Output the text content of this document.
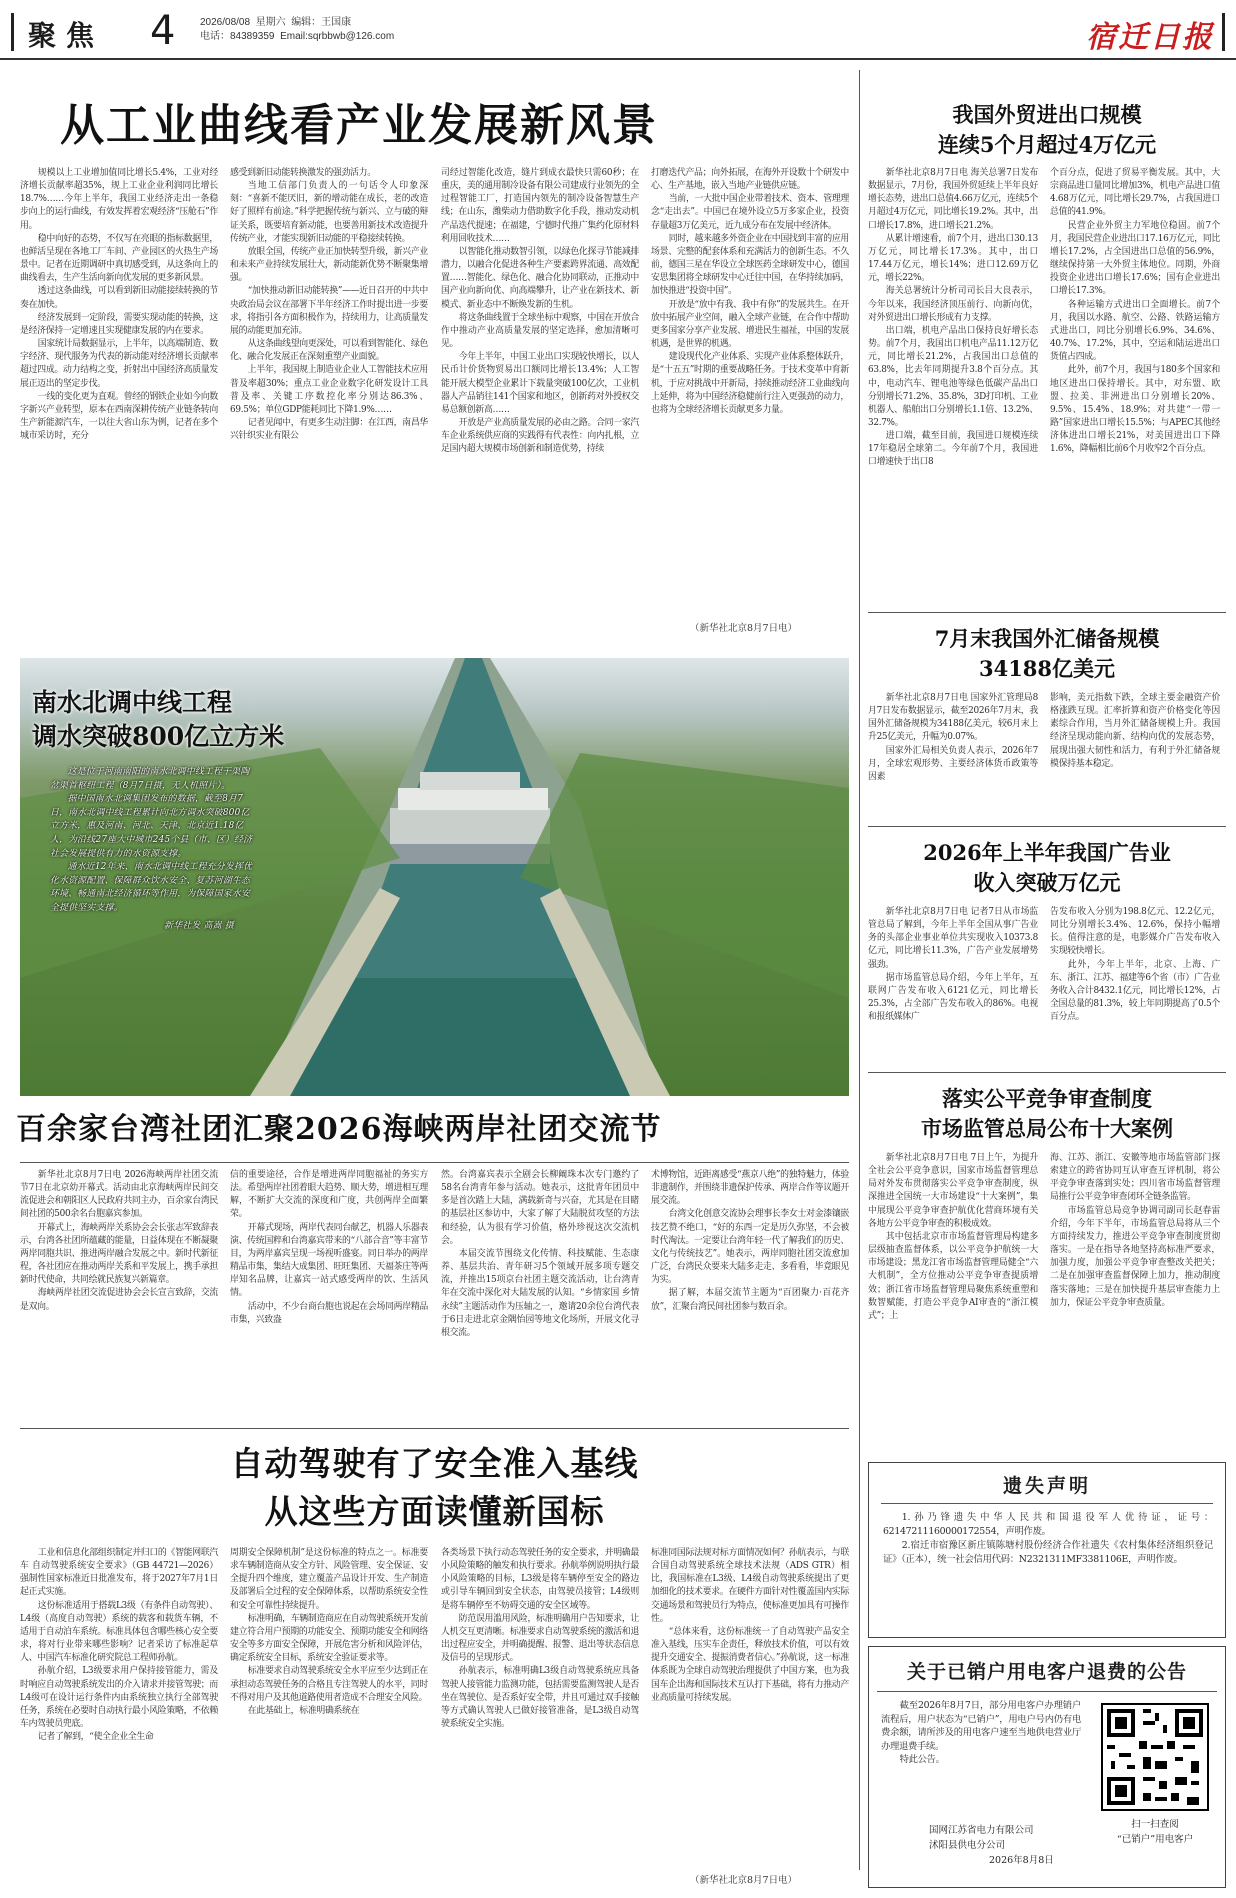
聚焦 4 2026/08/08 星期六 编辑：王国康
电话：84389359 Email:sqrbbwb@126.com	宿迁日报
从工业曲线看产业发展新风景

规模以上工业增加值同比增长5.4%，工业对经济增长贡献率超35%，规上工业企业利润同比增长18.7%……今年上半年，我国工业经济走出一条稳步向上的运行曲线，有效发挥着宏观经济“压舱石”作用。

稳中向好的态势，不仅写在亮眼的指标数据里，也鲜活呈现在各地工厂车间、产业园区的火热生产场景中。记者在近期调研中真切感受到，从这条向上的曲线看去，生产生活向新向优发展的更多新风景。

透过这条曲线，可以看到新旧动能接续转换的节奏在加快。

经济发展到一定阶段，需要实现动能的转换，这是经济保持一定增速且实现健康发展的内在要求。

国家统计局数据显示，上半年，以高端制造、数字经济、现代服务为代表的新动能对经济增长贡献率超过四成。动力结构之变，折射出中国经济高质量发展正迈出的坚定步伐。

一线的变化更为直观。曾经的钢铁企业如今向数字新兴产业转型，原本在西南深耕传统产业链条转向生产新能源汽车，一以往大省山东为例，记者在多个城市采访时，充分

感受到新旧动能转换激发的强劲活力。

当地工信部门负责人的一句话令人印象深刻：“喜新不能厌旧，新的增动能在成长，老的改造好了照样有前途。”科学把握传统与新兴、立与破的辩证关系，既要培育新动能，也要善用新技术改造提升传统产业，才能实现新旧动能的平稳接续转换。

放眼全国，传统产业正加快转型升级，新兴产业和未来产业持续发展壮大，新动能新优势不断聚集增强。

“加快推动新旧动能转换”——近日召开的中共中央政治局会议在部署下半年经济工作时提出进一步要求，将指引各方面积极作为，持续用力，让高质量发展的动能更加充沛。

从这条曲线望向更深处，可以看到智能化、绿色化、融合化发展正在深刻重塑产业面貌。

上半年，我国规上制造业企业人工智能技术应用普及率超30%；重点工业企业数字化研发设计工具普及率、关键工序数控化率分别达86.3%、69.5%；单位GDP能耗同比下降1.9%……

记者见闻中，有更多生动注脚：在江西，南昌华兴针织实业有限公

司经过智能化改造，缝片到成衣最快只需60秒；在重庆，美的通用制冷设备有限公司建成行业领先的全过程智能工厂，打造国内领先的制冷设备智慧生产线；在山东，潍柴动力借助数字化手段，推动发动机产品迭代提速；在福建，宁德时代推广集约化原材料利用回收技术……

以智能化推动数智引领，以绿色化探寻节能减排潜力，以融合化促进各种生产要素跨界流通、高效配置……智能化、绿色化、融合化协同联动，正推动中国产业向新向优、向高端攀升，让产业在新技术、新模式、新业态中不断焕发新的生机。

将这条曲线置于全球坐标中观察，中国在开放合作中推动产业高质量发展的坚定选择，愈加清晰可见。

今年上半年，中国工业出口实现较快增长，以人民币计价货物贸易出口额同比增长13.4%；人工智能开展大模型企业累计下载量突破100亿次，工业机器人产品销往141个国家和地区，创新药对外授权交易总额创新高……

开放是产业高质量发展的必由之路。合同一家汽车企业系统供应商的实践得有代表性：向内扎根，立足国内超大规模市场创新和制造优势，持续

打磨迭代产品；向外拓展，在海外开设数十个研发中心、生产基地，嵌入当地产业链供应链。

当前，一大批中国企业带着技术、资本、管理理念“走出去”。中国已在境外设立5万多家企业，投资存量超3万亿美元，近九成分布在发展中经济体。

同时，越来越多外资企业在中国找到丰富的应用场景、完整的配套体系和充满活力的创新生态。不久前，德国三星在华设立全球医药全球研发中心，德国安思集团将全球研发中心迁往中国，在华持续加码，加快推进“投资中国”。

开放是“放中有我、我中有你”的发展共生。在开放中拓展产业空间，融入全球产业链，在合作中帮助更多国家分享产业发展、增进民生福祉，中国的发展机遇，是世界的机遇。

建设现代化产业体系、实现产业体系整体跃升，是“十五五”时期的重要战略任务。于技术变革中育新机，于应对挑战中开新局，持续推动经济工业曲线向上延伸，将为中国经济稳健前行注入更强劲的动力，也将为全球经济增长贡献更多力量。

（新华社北京8月7日电）
我国外贸进出口规模
连续5个月超过4万亿元

新华社北京8月7日电 海关总署7日发布数据显示，7月份，我国外贸延续上半年良好增长态势，进出口总值4.66万亿元，连续5个月超过4万亿元，同比增长19.2%。其中，出口增长17.8%，进口增长21.2%。

从累计增速看，前7个月，进出口30.13万亿元，同比增长17.3%。其中，出口17.44万亿元，增长14%；进口12.69万亿元，增长22%。

海关总署统计分析司司长吕大良表示，今年以来，我国经济顶压前行、向新向优，对外贸进出口增长形成有力支撑。

出口端，机电产品出口保持良好增长态势。前7个月，我国出口机电产品11.12万亿元，同比增长21.2%，占我国出口总值的63.8%，比去年同期提升3.8个百分点。其中，电动汽车、锂电池等绿色低碳产品出口分别增长71.2%、35.8%，3D打印机、工业机器人、船舶出口分别增长1.1倍、13.2%、32.7%。

进口端，截至目前，我国进口规模连续17年稳居全球第二。今年前7个月，我国进口增速快于出口8

个百分点，促进了贸易平衡发展。其中，大宗商品进口量同比增加3%，机电产品进口值4.68万亿元，同比增长29.7%，占我国进口总值的41.9%。

民营企业外贸主力军地位稳固。前7个月，我国民营企业进出口17.16万亿元，同比增长17.2%，占全国进出口总值的56.9%，继续保持第一大外贸主体地位。同期，外商投资企业进出口增长17.6%；国有企业进出口增长17.3%。

各种运输方式进出口全面增长。前7个月，我国以水路、航空、公路、铁路运输方式进出口，同比分别增长6.9%、34.6%、40.7%、17.2%，其中，空运和陆运进出口货值占四成。

此外，前7个月，我国与180多个国家和地区进出口保持增长。其中，对东盟、欧盟、拉美、非洲进出口分别增长20%、9.5%、15.4%、18.9%；对共建“一带一路”国家进出口增长15.5%；与APEC其他经济体进出口增长21%，对美国进出口下降1.6%，降幅相比前6个月收窄2个百分点。

7月末我国外汇储备规模
34188亿美元

新华社北京8月7日电 国家外汇管理局8月7日发布数据显示，截至2026年7月末，我国外汇储备规模为34188亿美元，较6月末上升25亿美元，升幅为0.07%。

国家外汇局相关负责人表示，2026年7月，全球宏观形势、主要经济体货币政策等因素

影响，美元指数下跌，全球主要金融资产价格涨跌互现。汇率折算和资产价格变化等因素综合作用，当月外汇储备规模上升。我国经济呈现动能向新、结构向优的发展态势，展现出强大韧性和活力，有利于外汇储备规模保持基本稳定。

2026年上半年我国广告业
收入突破万亿元

新华社北京8月7日电 记者7日从市场监管总局了解到，今年上半年全国从事广告业务的头部企业事业单位共实现收入10373.8亿元，同比增长11.3%，广告产业发展增势强劲。

据市场监管总局介绍，今年上半年，互联网广告发布收入6121亿元，同比增长25.3%，占全部广告发布收入的86%。电视和报纸媒体广

告发布收入分别为198.8亿元、12.2亿元，同比分别增长3.4%、12.6%，保持小幅增长。值得注意的是，电影媒介广告发布收入实现较快增长。

此外，今年上半年，北京、上海、广东、浙江、江苏、福建等6个省（市）广告业务收入合计8432.1亿元，同比增长12%，占全国总量的81.3%，较上年同期提高了0.5个百分点。

落实公平竞争审查制度
市场监管总局公布十大案例

新华社北京8月7日电 7日上午，为提升全社会公平竞争意识，国家市场监督管理总局对外发布贯彻落实公平竞争审查制度，纵深推进全国统一大市场建设“十大案例”，集中展现公平竞争审查护航优化营商环境有关各地方公平竞争审查的积极成效。

其中包括北京市市场监督管理局构建多层级抽查监督体系，以公平竞争护航统一大市场建设；黑龙江省市场监督管理局健全“六大机制”，全方位推动公平竞争审查提质增效；浙江省市场监督管理局聚焦系统重塑和数智赋能，打造公平竞争AI审查的“浙江模式”；上

海、江苏、浙江、安徽等地市场监管部门探索建立的跨省协同互认审查互评机制，将公平竞争审查落到实处；四川省市场监督管理局推行公平竞争审查闭环全链条监管。

市场监管总局竞争协调司副司长赵春雷介绍，今年下半年，市场监管总局将从三个方面持续发力，推进公平竞争审查制度贯彻落实。一是在指导各地坚持高标准严要求，加强力度，加强公平竞争审查整改关把关；二是在加强审查监督保障上加力，推动制度落实落地；三是在加快提升基层审查能力上加力，保证公平竞争审查质量。

南水北调中线工程
调水突破800亿立方米

这是位于河南南阳的南水北调中线工程干渠陶岔渠首枢纽工程（8月7日摄，无人机照片）。

据中国南水北调集团发布的数据，截至8月7日，南水北调中线工程累计向北方调水突破800亿立方米，惠及河南、河北、天津、北京近1.18亿人，为沿线27座大中城市245个县（市、区）经济社会发展提供有力的水资源支撑。

通水近12年来，南水北调中线工程充分发挥优化水资源配置、保障群众饮水安全、复苏河湖生态环境、畅通南北经济循环等作用，为保障国家水安全提供坚实支撑。

新华社发 高嵩 摄
百余家台湾社团汇聚2026海峡两岸社团交流节

新华社北京8月7日电 2026海峡两岸社团交流节7日在北京幼开幕式。活动由北京海峡两岸民间交流促进会和朝阳区人民政府共同主办，百余家台湾民间社团的500余名台胞嘉宾参加。

开幕式上，海峡两岸关系协会会长张志军致辞表示，台湾各社团所蕴藏的能量，日益体现在不断凝聚两岸同胞共识、推进两岸融合发展之中。新时代新征程，各社团应在推动两岸关系和平发展上，携手承担新时代使命，共同绘就民族复兴新篇章。

海峡两岸社团交流促进协会会长宣言致辞，交流是双向。

信的重要途径，合作是增进两岸同胞福祉的务实方法。希望两岸社团着眼大趋势、顺大势，增进相互理解，不断扩大交流的深度和广度，共创两岸全面繁荣。

开幕式现场，两岸代表同台献艺，机器人乐器表演、传统国粹和台湾嘉宾带来的“八部合音”等丰富节目，为两岸嘉宾呈现一场视听盛宴。同日举办的两岸精品市集，集结大成集团、旺旺集团、天福茶庄等两岸知名品牌，让嘉宾一站式感受两岸的饮、生活风情。

活动中，不少台商台胞也说起在会场同两岸精品市集，兴致盎

然。台湾嘉宾表示全剧会长柳阚珠本次专门邀约了58名台湾青年参与活动。她表示，这批青年团员中多是首次踏上大陆，满载新奇与兴奋，尤其是在目睹的基层社区参访中，大家了解了大陆脱贫攻坚的方法和经验，认为很有学习价值，格外珍视这次交流机会。

本届交流节围绕文化传情、科技赋能、生态康养、基层共治、青年研习5个领域开展多项专题交流，并推出15项京台社团主题交流活动，让台湾青年在交流中深化对大陆发展的认知。“乡情家国 乡情永续”主题活动作为压轴之一，邀请20余位台湾代表于6日走进北京金隅怡园等地文化场所，开展文化寻根交流。

术博物馆，近距离感受“燕京八绝”的独特魅力，体验非遗制作，并围绕非遗保护传承、两岸合作等议题开展交流。

台湾文化创意交流协会理事长李女士对金漆镶嵌技艺赞不绝口，“好的东西一定是历久弥坚，不会被时代淘汰。一定要让台湾年轻一代了解我们的历史、文化与传统技艺”。她表示，两岸同胞社团交流愈加广泛，台湾民众要来大陆多走走、多看看，毕竟眼见为实。

据了解，本届交流节主题为“百团聚力·百花齐放”，汇聚台湾民间社团参与数百余。

自动驾驶有了安全准入基线
从这些方面读懂新国标

工业和信息化部组织制定并归口的《智能网联汽车 自动驾驶系统安全要求》（GB 44721—2026）强制性国家标准近日批准发布，将于2027年7月1日起正式实施。

这份标准适用于搭载L3级（有条件自动驾驶）、L4级（高度自动驾驶）系统的载客和载货车辆，不适用于自动泊车系统。标准具体包含哪些核心安全要求，将对行业带来哪些影响？记者采访了标准起草人、中国汽车标准化研究院总工程师孙航。

孙航介绍，L3级要求用户保持接管能力，需及时响应自动驾驶系统发出的介入请求并接管驾驶；而L4级可在设计运行条件内由系统独立执行全部驾驶任务，系统在必要时自动执行最小风险策略，不依赖车内驾驶员兜底。

记者了解到，“使全企业全生命

周期安全保障机制”是这份标准的特点之一。标准要求车辆制造商从安全方针、风险管理、安全保证、安全提升四个维度，建立覆盖产品设计开发、生产制造及部署后全过程的安全保障体系，以帮助系统安全性和安全可靠性持续提升。

标准明确，车辆制造商应在自动驾驶系统开发前建立符合用户预期的功能安全、预期功能安全和网络安全等多方面安全保障，开展危害分析和风险评估，确定系统安全目标，系统安全验证要求等。

标准要求自动驾驶系统安全水平应至少达到正在承担动态驾驶任务的合格且专注驾驶人的水平，同时不得对用户及其他道路使用者造成不合理安全风险。

在此基础上，标准明确系统在

各类场景下执行动态驾驶任务的安全要求，并明确最小风险策略的触发和执行要求。孙航举例说明执行最小风险策略的目标，L3级是将车辆停至安全的路边或引导车辆回到安全状态，由驾驶员接管；L4级则是将车辆停至不妨碍交通的安全区域等。

防范误用滥用风险，标准明确用户告知要求，让人机交互更清晰。标准要求自动驾驶系统的激活和退出过程应安全，并明确提醒、报警、退出等状态信息及信号的呈现形式。

孙航表示，标准明确L3级自动驾驶系统应具备驾驶人接管能力监测功能，包括需要监测驾驶人是否坐在驾驶位、是否系好安全带，并且可通过双手接触等方式确认驾驶人已做好接管准备，是L3级自动驾驶系统安全实施。

标准同国际法规对标方面情况如何？孙航表示，与联合国自动驾驶系统全球技术法规（ADS GTR）相比，我国标准在L3级、L4级自动驾驶系统提出了更加细化的技术要求。在硬件方面针对性覆盖国内实际交通场景和驾驶员行为特点，使标准更加具有可操作性。

“总体来看，这份标准统一了自动驾驶产品安全准入基线，压实车企责任，释放技术价值，可以有效提升交通安全、提振消费者信心。”孙航说，这一标准体系既为全球自动驾驶治理提供了中国方案，也为我国车企出海和国际技术互认打下基础，将有力推动产业高质量可持续发展。

（新华社北京8月7日电）
遗失声明

1.孙乃锋遗失中华人民共和国退役军人优待证，证号：62147211160000172554，声明作废。

2.宿迁市宿豫区新庄镇陈塘村股份经济合作社遗失《农村集体经济组织登记证》（正本），统一社会信用代码：N2321311MF3381106E，声明作废。

关于已销户用电客户退费的公告

截至2026年8月7日，部分用电客户办理销户流程后，用户状态为“已销户”，用电户号内仍有电费余额，请所涉及的用电客户速至当地供电营业厅办理退费手续。

特此公告。

国网江苏省电力有限公司
沭阳县供电分公司
2026年8月8日
扫一扫查阅
“已销户”用电客户
